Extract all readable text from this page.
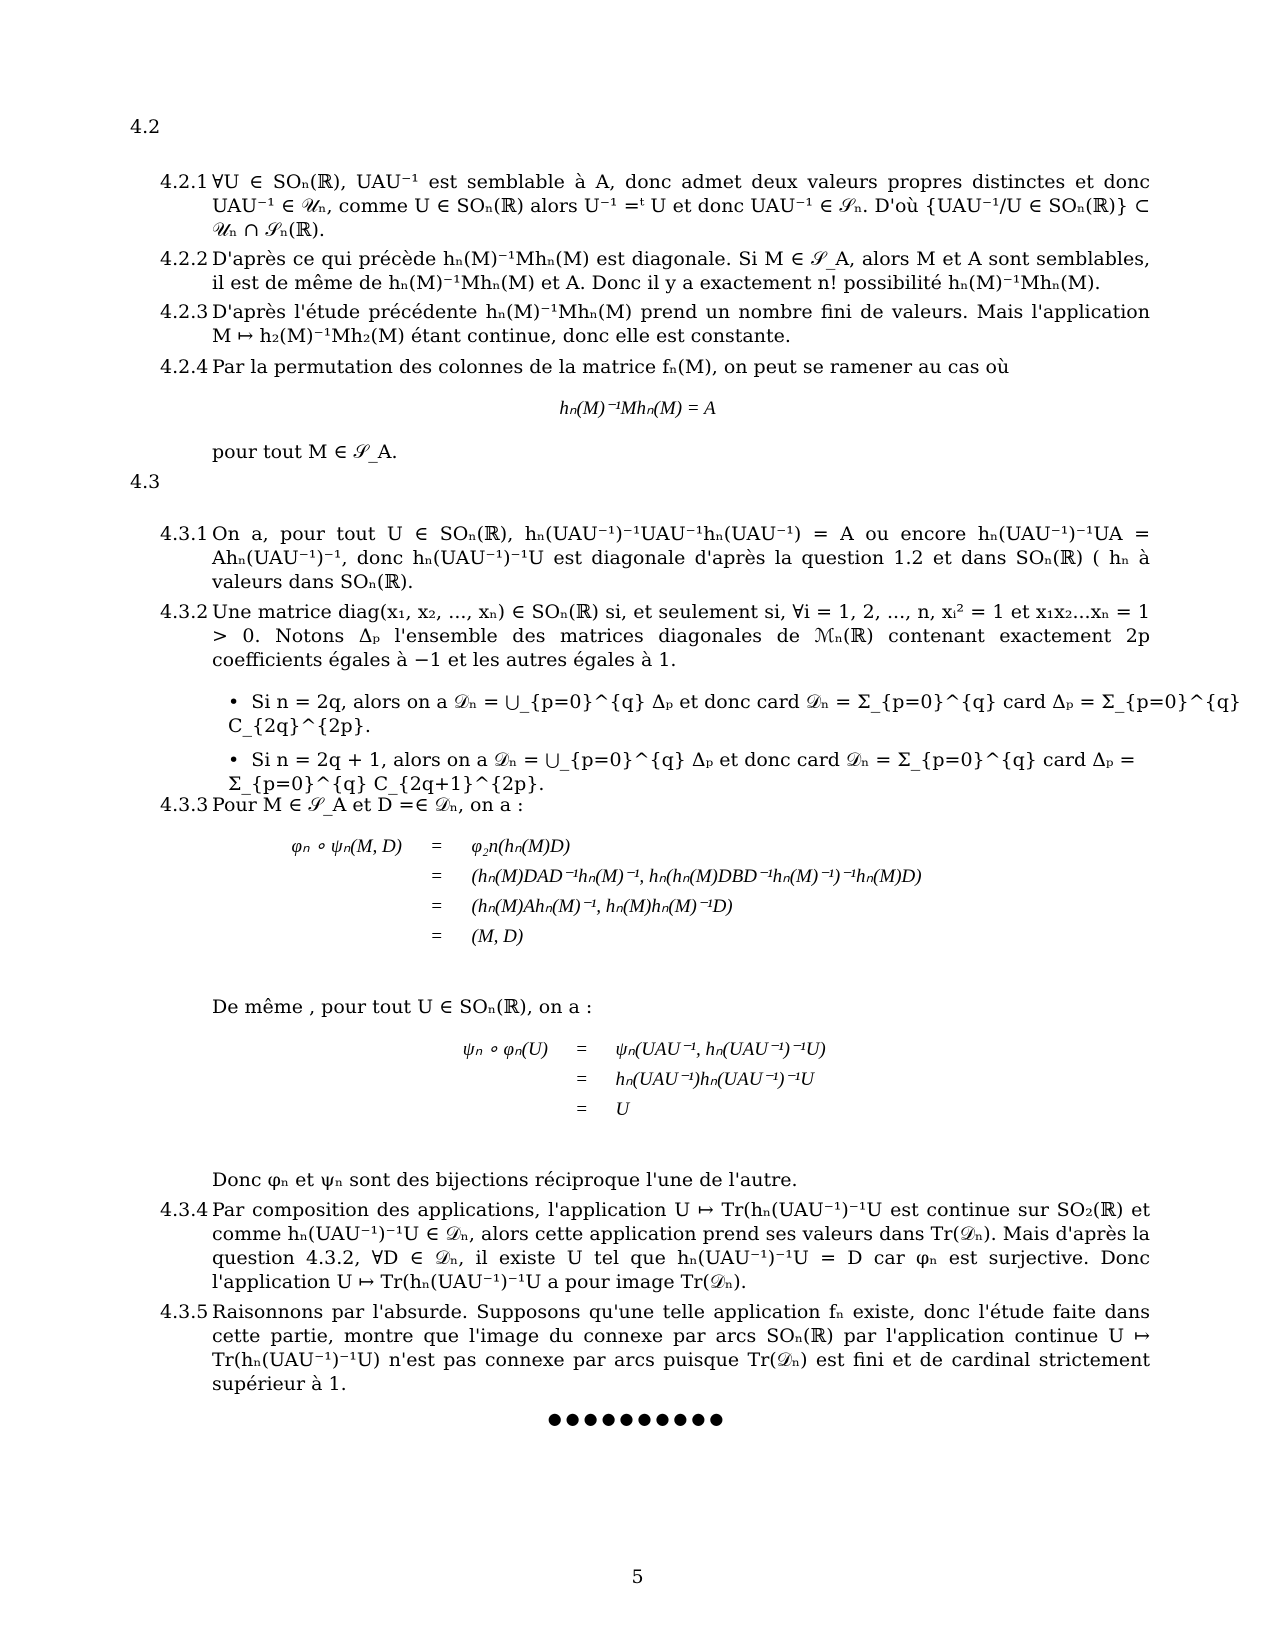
4.2
4.2.1 ∀U ∈ SOₙ(ℝ), UAU⁻¹ est semblable à A, donc admet deux valeurs propres distinctes et donc UAU⁻¹ ∈ 𝒰ₙ, comme U ∈ SOₙ(ℝ) alors U⁻¹ =ᵗ U et donc UAU⁻¹ ∈ 𝒮ₙ. D'où {UAU⁻¹/U ∈ SOₙ(ℝ)} ⊂ 𝒰ₙ ∩ 𝒮ₙ(ℝ).
4.2.2 D'après ce qui précède hₙ(M)⁻¹Mhₙ(M) est diagonale. Si M ∈ 𝒮_A, alors M et A sont semblables, il est de même de hₙ(M)⁻¹Mhₙ(M) et A. Donc il y a exactement n! possibilité hₙ(M)⁻¹Mhₙ(M).
4.2.3 D'après l'étude précédente hₙ(M)⁻¹Mhₙ(M) prend un nombre fini de valeurs. Mais l'application M ↦ h₂(M)⁻¹Mh₂(M) étant continue, donc elle est constante.
4.2.4 Par la permutation des colonnes de la matrice fₙ(M), on peut se ramener au cas où
hₙ(M)⁻¹Mhₙ(M) = A
pour tout M ∈ 𝒮_A.
4.3
4.3.1 On a, pour tout U ∈ SOₙ(ℝ), hₙ(UAU⁻¹)⁻¹UAU⁻¹hₙ(UAU⁻¹) = A ou encore hₙ(UAU⁻¹)⁻¹UA = Ahₙ(UAU⁻¹)⁻¹, donc hₙ(UAU⁻¹)⁻¹U est diagonale d'après la question 1.2 et dans SOₙ(ℝ) ( hₙ à valeurs dans SOₙ(ℝ).
4.3.2 Une matrice diag(x₁, x₂, ..., xₙ) ∈ SOₙ(ℝ) si, et seulement si, ∀i = 1, 2, ..., n, xᵢ² = 1 et x₁x₂...xₙ = 1 > 0. Notons Δₚ l'ensemble des matrices diagonales de ℳₙ(ℝ) contenant exactement 2p coefficients égales à −1 et les autres égales à 1.
•  Si n = 2q, alors on a 𝒟ₙ = ⋃_{p=0}^{q} Δₚ et donc card 𝒟ₙ = Σ_{p=0}^{q} card Δₚ = Σ_{p=0}^{q} C_{2q}^{2p}.
•  Si n = 2q + 1, alors on a 𝒟ₙ = ⋃_{p=0}^{q} Δₚ et donc card 𝒟ₙ = Σ_{p=0}^{q} card Δₚ = Σ_{p=0}^{q} C_{2q+1}^{2p}.
4.3.3 Pour M ∈ 𝒮_A et D =∈ 𝒟ₙ, on a :
φₙ ∘ ψₙ(M, D) = φ₂n(hₙ(M)D)
= (hₙ(M)DAD⁻¹hₙ(M)⁻¹, hₙ(hₙ(M)DBD⁻¹hₙ(M)⁻¹)⁻¹hₙ(M)D)
= (hₙ(M)Ahₙ(M)⁻¹, hₙ(M)hₙ(M)⁻¹D)
= (M, D)
De même , pour tout U ∈ SOₙ(ℝ), on a :
ψₙ ∘ φₙ(U) = ψₙ(UAU⁻¹, hₙ(UAU⁻¹)⁻¹U)
= hₙ(UAU⁻¹)hₙ(UAU⁻¹)⁻¹U
= U
Donc φₙ et ψₙ sont des bijections réciproque l'une de l'autre.
4.3.4 Par composition des applications, l'application U ↦ Tr(hₙ(UAU⁻¹)⁻¹U est continue sur SO₂(ℝ) et comme hₙ(UAU⁻¹)⁻¹U ∈ 𝒟ₙ, alors cette application prend ses valeurs dans Tr(𝒟ₙ). Mais d'après la question 4.3.2, ∀D ∈ 𝒟ₙ, il existe U tel que hₙ(UAU⁻¹)⁻¹U = D car φₙ est surjective. Donc l'application U ↦ Tr(hₙ(UAU⁻¹)⁻¹U a pour image Tr(𝒟ₙ).
4.3.5 Raisonnons par l'absurde. Supposons qu'une telle application fₙ existe, donc l'étude faite dans cette partie, montre que l'image du connexe par arcs SOₙ(ℝ) par l'application continue U ↦ Tr(hₙ(UAU⁻¹)⁻¹U) n'est pas connexe par arcs puisque Tr(𝒟ₙ) est fini et de cardinal strictement supérieur à 1.
●●●●●●●●●●
5
